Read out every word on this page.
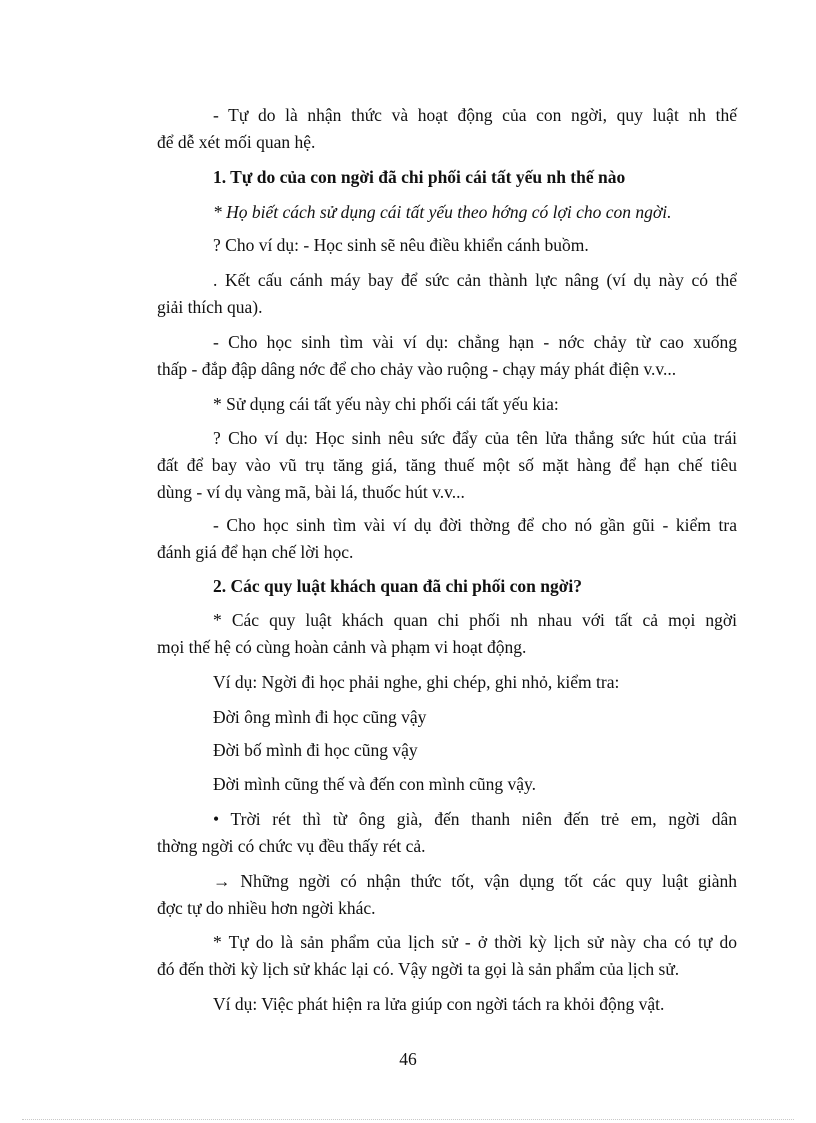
- Tự do là nhận thức và hoạt động của con ngời, quy luật nh thế
để dễ xét mối quan hệ.
1. Tự do của con ngời đã chi phối cái tất yếu nh thế nào
* Họ biết cách sử dụng cái tất yếu theo hớng có lợi cho con ngời.
? Cho ví dụ: - Học sinh sẽ nêu điều khiển cánh buồm.
. Kết cấu cánh máy bay để sức cản thành lực nâng (ví dụ này có thể
giải thích qua).
- Cho học sinh tìm vài ví dụ: chẳng hạn - nớc chảy từ cao xuống
thấp - đắp đập dâng nớc để cho chảy vào ruộng - chạy máy phát điện v.v...
* Sử dụng cái tất yếu này chi phối cái tất yếu kia:
? Cho ví dụ: Học sinh nêu sức đẩy của tên lửa thắng sức hút của trái
đất để bay vào vũ trụ tăng giá, tăng thuế một số mặt hàng để hạn chế tiêu
dùng - ví dụ vàng mã, bài lá, thuốc hút v.v...
- Cho học sinh tìm vài ví dụ đời thờng để cho nó gần gũi - kiểm tra
đánh giá để hạn chế lời học.
2. Các quy luật khách quan đã chi phối con ngời?
* Các quy luật khách quan chi phối nh nhau với tất cả mọi ngời
mọi thế hệ có cùng hoàn cảnh và phạm vi hoạt động.
Ví dụ: Ngời đi học phải nghe, ghi chép, ghi nhỏ, kiểm tra:
Đời ông mình đi học cũng vậy
Đời bố mình đi học cũng vậy
Đời mình cũng thế và đến con mình cũng vậy.
• Trời rét thì từ ông già, đến thanh niên đến trẻ em, ngời dân
thờng ngời có chức vụ đều thấy rét cả.
→ Những ngời có nhận thức tốt, vận dụng tốt các quy luật giành
đợc tự do nhiều hơn ngời khác.
* Tự do là sản phẩm của lịch sử - ở thời kỳ lịch sử này cha có tự do
đó đến thời kỳ lịch sử khác lại có. Vậy ngời ta gọi là sản phẩm của lịch sử.
Ví dụ: Việc phát hiện ra lửa giúp con ngời tách ra khỏi động vật.
46
